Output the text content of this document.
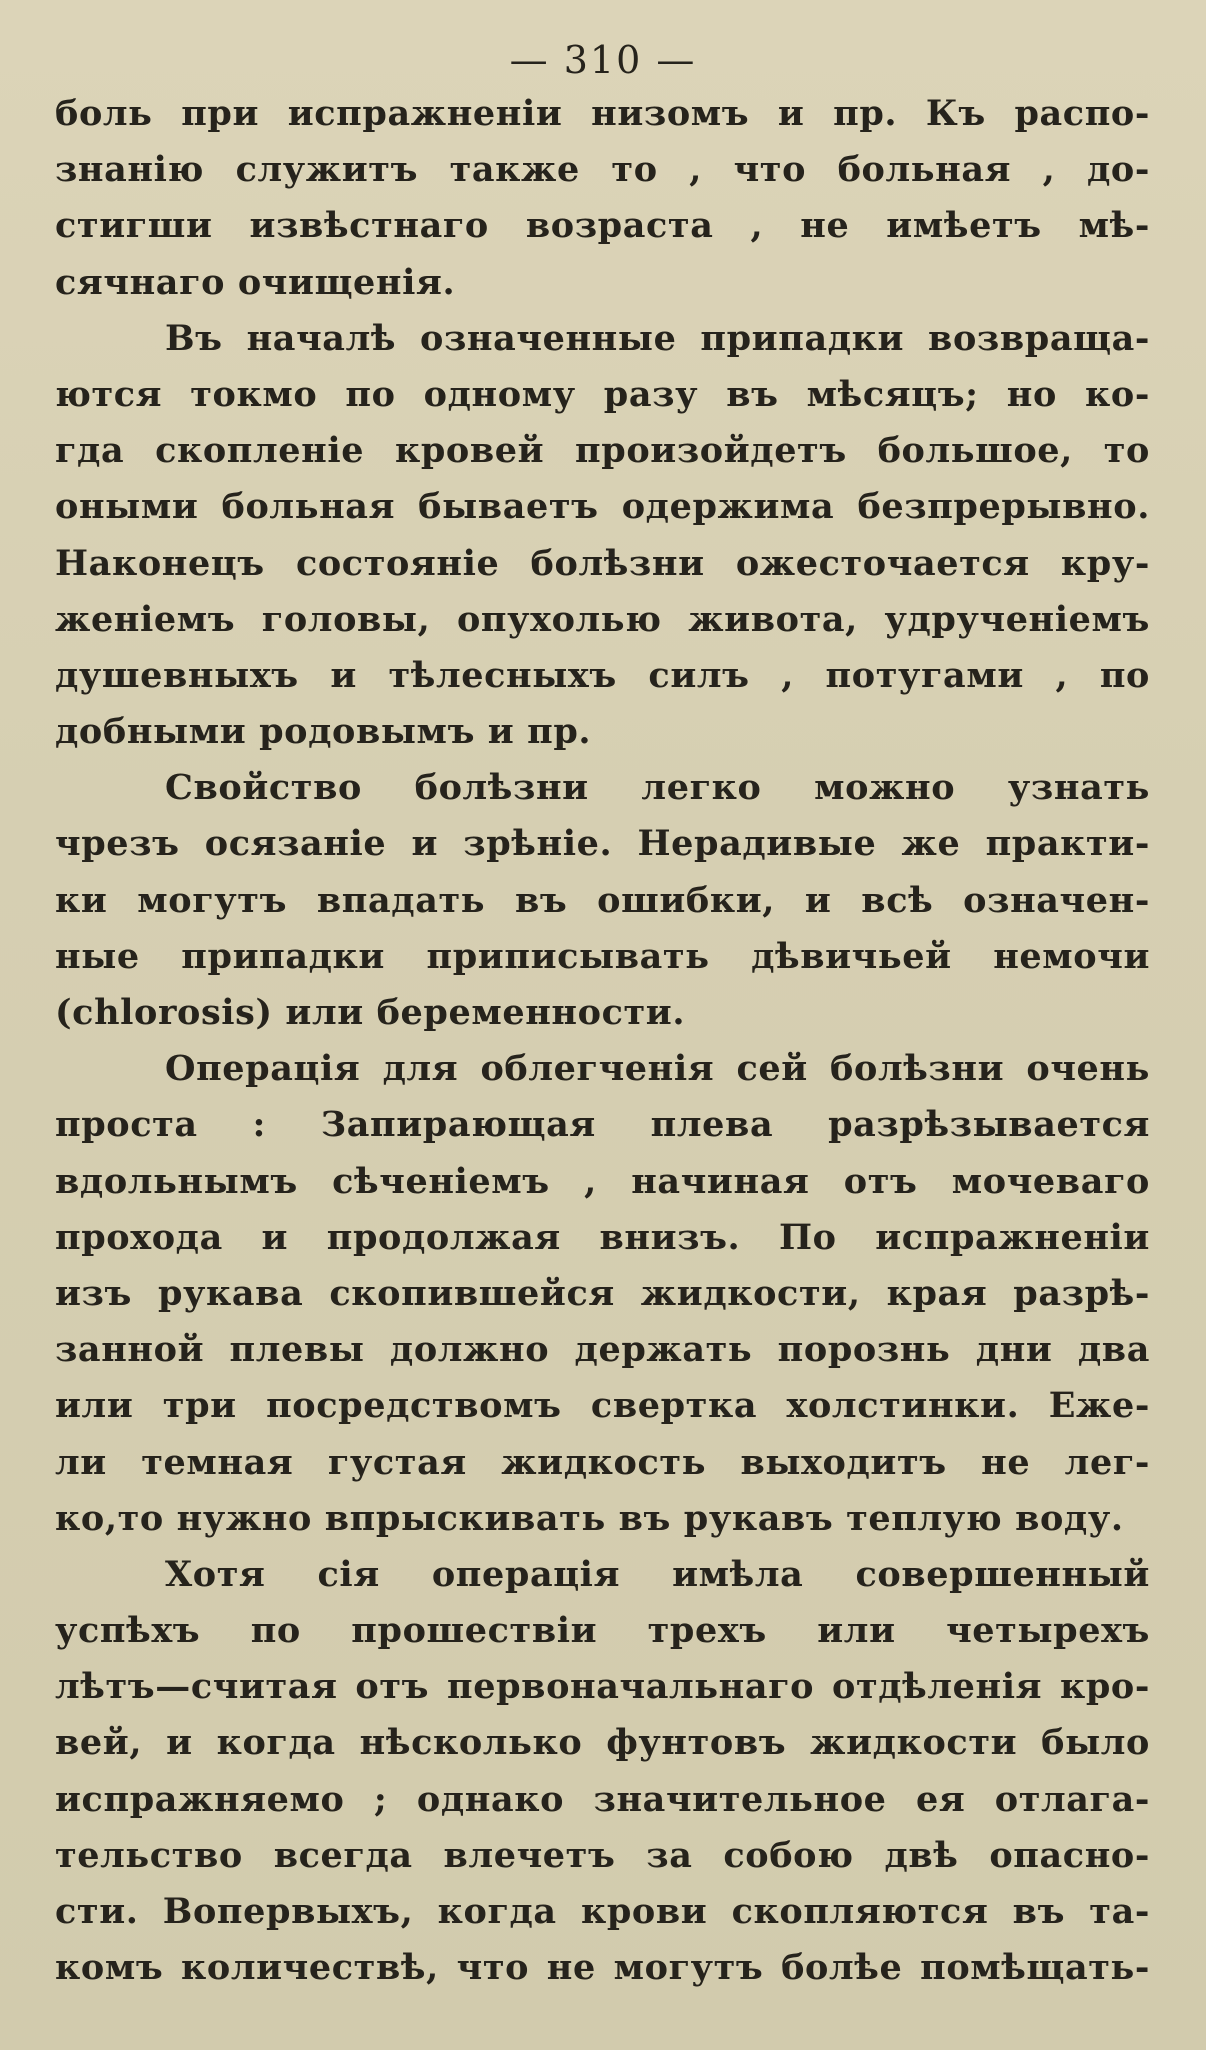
— 310 —
боль при испражненіи низомъ и пр. Къ распо-
знанію служитъ также то , что больная , до-
стигши извѣстнаго возраста , не имѣетъ мѣ-
сячнаго очищенія.
Въ началѣ означенные припадки возвраща-
ются токмо по одному разу въ мѣсяцъ; но ко-
гда скопленіе кровей произойдетъ большое, то
оными больная бываетъ одержима безпрерывно.
Наконецъ состояніе болѣзни ожесточается кру-
женіемъ головы, опухолью живота, удрученіемъ
душевныхъ и тѣлесныхъ силъ , потугами , по
добными родовымъ и пр.
Свойство болѣзни легко можно узнать
чрезъ осязаніе и зрѣніе. Нерадивые же практи-
ки могутъ впадать въ ошибки, и всѣ означен-
ные припадки приписывать дѣвичьей немочи
(chlorosis) или беременности.
Операція для облегченія сей болѣзни очень
проста : Запирающая плева разрѣзывается
вдольнымъ сѣченіемъ , начиная отъ мочеваго
прохода и продолжая внизъ. По испражненіи
изъ рукава скопившейся жидкости, края разрѣ-
занной плевы должно держать порознь дни два
или три посредствомъ свертка холстинки. Еже-
ли темная густая жидкость выходитъ не лег-
ко,то нужно впрыскивать въ рукавъ теплую воду.
Хотя сія операція имѣла совершенный
успѣхъ по прошествіи трехъ или четырехъ
лѣтъ—считая отъ первоначальнаго отдѣленія кро-
вей, и когда нѣсколько фунтовъ жидкости было
испражняемо ; однако значительное ея отлага-
тельство всегда влечетъ за собою двѣ опасно-
сти. Вопервыхъ, когда крови скопляются въ та-
комъ количествѣ, что не могутъ болѣе помѣщать-
